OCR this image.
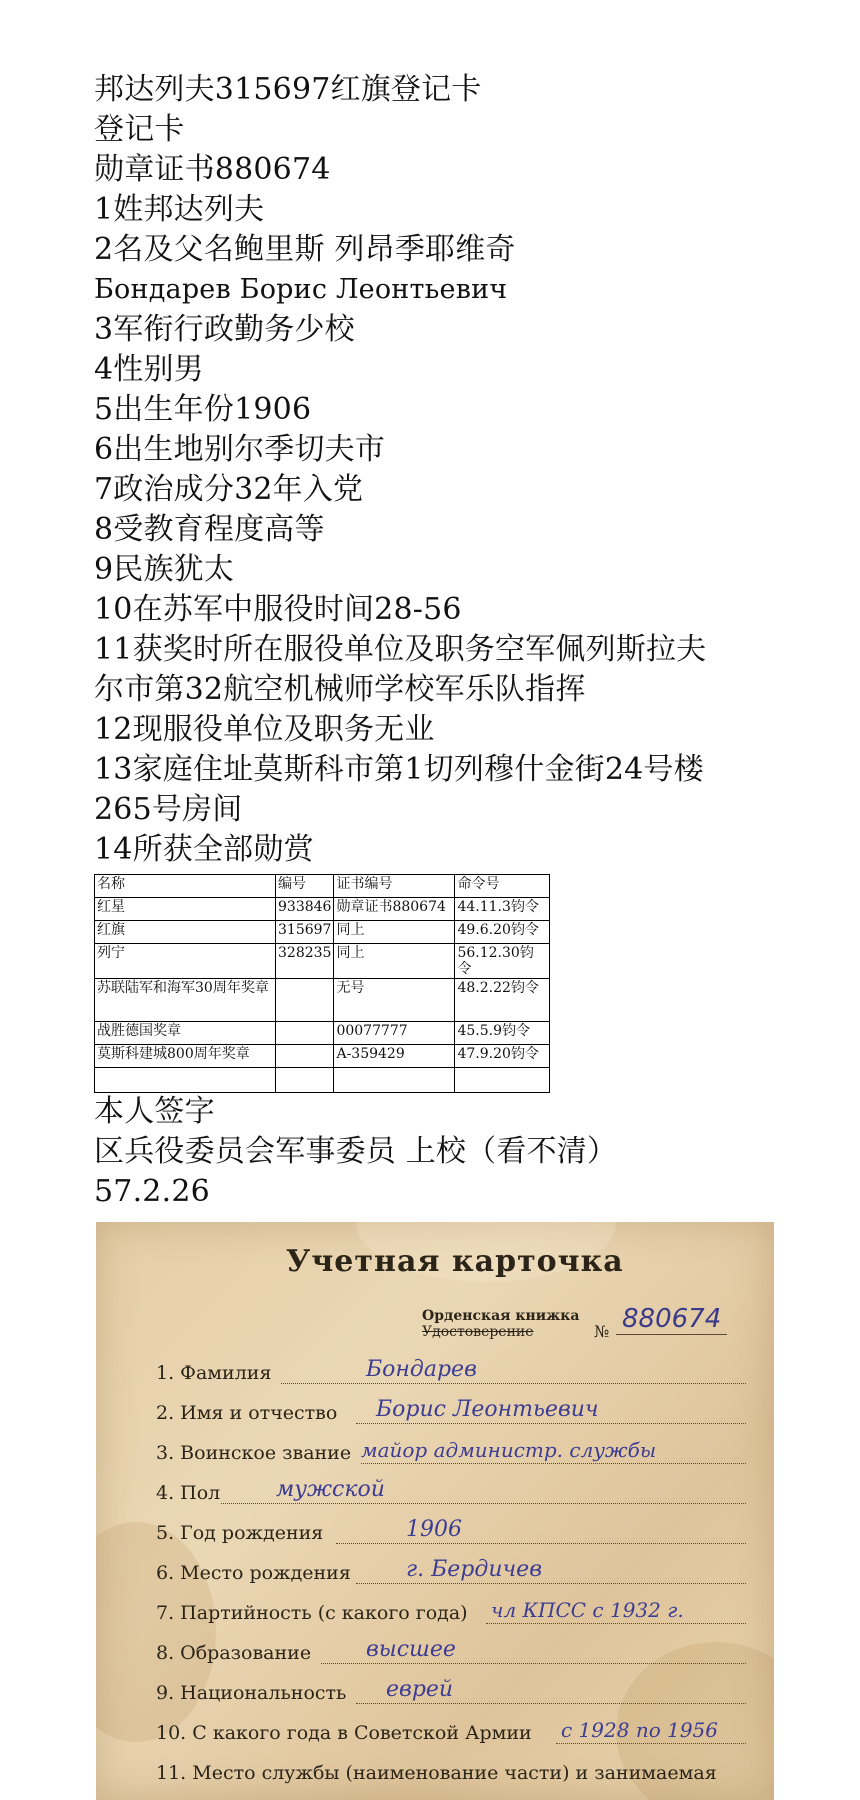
邦达列夫315697红旗登记卡
登记卡
勋章证书880674
1姓邦达列夫
2名及父名鲍里斯 列昂季耶维奇
Бондарев Борис Леонтьевич
3军衔行政勤务少校
4性别男
5出生年份1906
6出生地别尔季切夫市
7政治成分32年入党
8受教育程度高等
9民族犹太
10在苏军中服役时间28-56
11获奖时所在服役单位及职务空军佩列斯拉夫
尔市第32航空机械师学校军乐队指挥
12现服役单位及职务无业
13家庭住址莫斯科市第1切列穆什金街24号楼
265号房间
14所获全部勋赏
名称	编号	证书编号	命令号
红星	933846	勋章证书880674	44.11.3钧令
红旗	315697	同上	49.6.20钧令
列宁	328235	同上	56.12.30钧令
苏联陆军和海军30周年奖章		无号	48.2.22钧令
战胜德国奖章		00077777	45.5.9钧令
莫斯科建城800周年奖章		A-359429	47.9.20钧令

本人签字
区兵役委员会军事委员 上校（看不清）
57.2.26
Учетная карточка
Орденская книжка
Удостоверение	№ 880674
1. Фамилия	Бондарев
2. Имя и отчество Борис Леонтьевич
3. Воинское звание майор администр. службы
4. Пол	мужской
5. Год рождения	1906
6. Место рождения	г. Бердичев
7. Партийность (с какого года) чл КПСС с 1932 г.
8. Образование высшее
9. Национальность еврей
10. С какого года в Советской Армии с 1928 по 1956
11. Место службы (наименование части) и занимаемая
